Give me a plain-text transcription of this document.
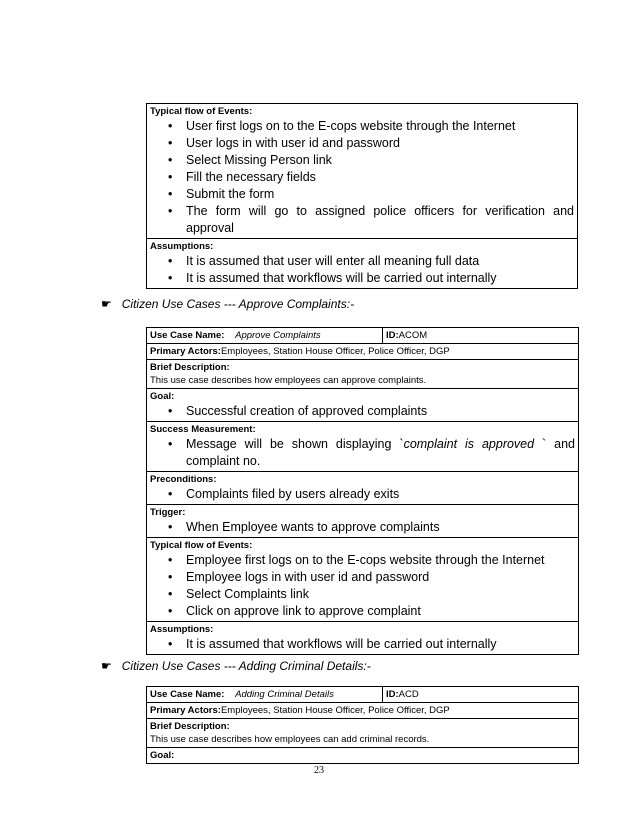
Typical flow of Events:
• User first logs on to the E-cops website through the Internet
• User logs in with user id and password
• Select Missing Person link
• Fill the necessary fields
• Submit the form
• The form will go to assigned police officers for verification and approval

Assumptions:
• It is assumed that user will enter all meaning full data
• It is assumed that workflows will be carried out internally
☛ Citizen Use Cases --- Approve Complaints:-
Use Case Name: Approve Complaints	ID:ACOM
Primary Actors:Employees, Station House Officer, Police Officer, DGP

Brief Description:
This use case describes how employees can approve complaints.

Goal:
• Successful creation of approved complaints

Success Measurement:
• Message will be shown displaying `complaint is approved ` and complaint no.

Preconditions:
• Complaints filed by users already exits

Trigger:
• When Employee wants to approve complaints

Typical flow of Events:
• Employee first logs on to the E-cops website through the Internet
• Employee logs in with user id and password
• Select Complaints link
• Click on approve link to approve complaint

Assumptions:
• It is assumed that workflows will be carried out internally
☛ Citizen Use Cases --- Adding Criminal Details:-
Use Case Name: Adding Criminal Details	ID:ACD
Primary Actors:Employees, Station House Officer, Police Officer, DGP

Brief Description:
This use case describes how employees can add criminal records.

Goal:
23
